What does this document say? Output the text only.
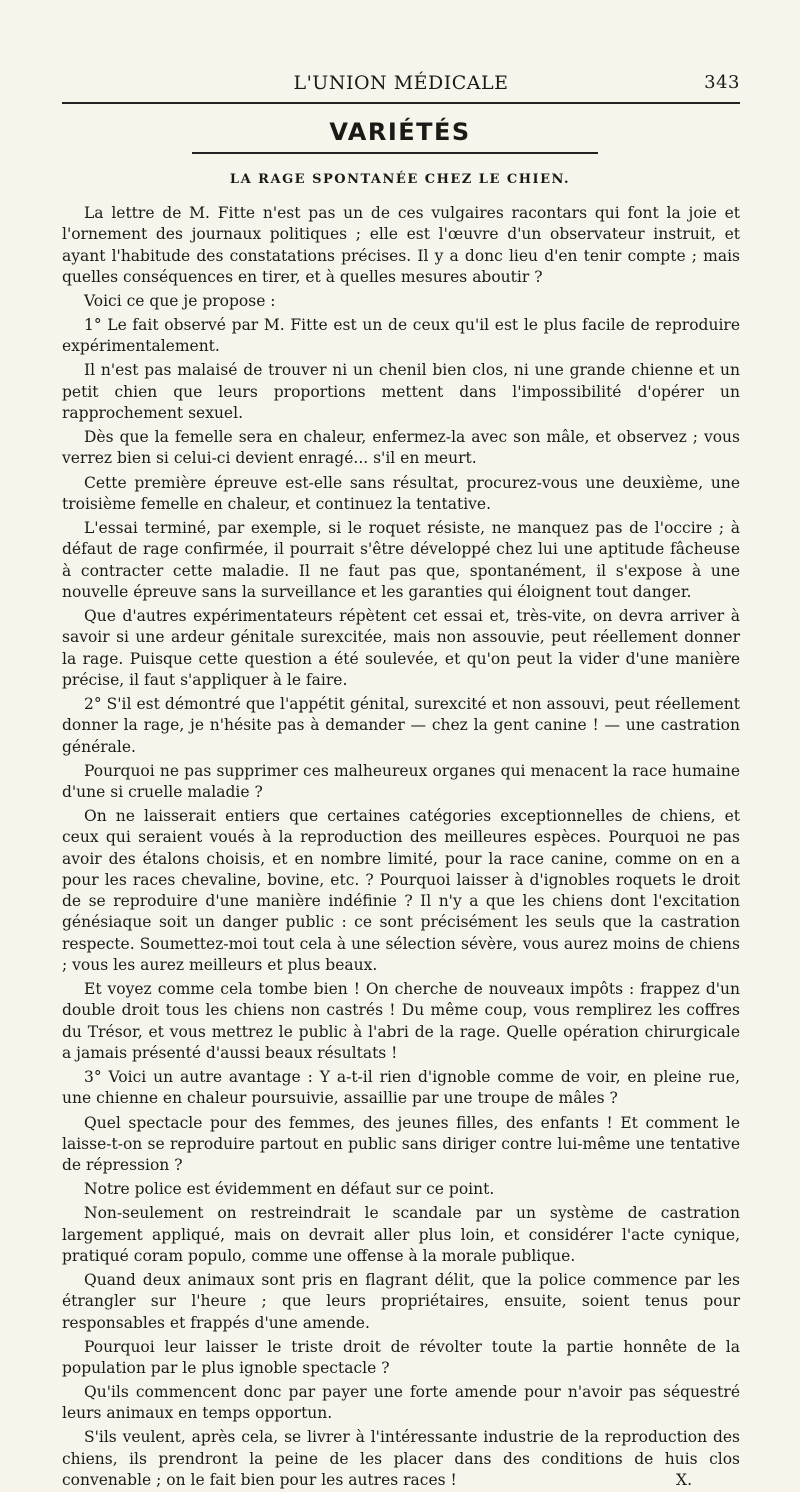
L'UNION MÉDICALE	343
VARIÉTÉS
LA RAGE SPONTANÉE CHEZ LE CHIEN.

La lettre de M. Fitte n'est pas un de ces vulgaires racontars qui font la joie et l'ornement des journaux politiques ; elle est l'œuvre d'un observateur instruit, et ayant l'habitude des constatations précises. Il y a donc lieu d'en tenir compte ; mais quelles conséquences en tirer, et à quelles mesures aboutir ?

Voici ce que je propose :

1° Le fait observé par M. Fitte est un de ceux qu'il est le plus facile de reproduire expérimentalement.

Il n'est pas malaisé de trouver ni un chenil bien clos, ni une grande chienne et un petit chien que leurs proportions mettent dans l'impossibilité d'opérer un rapprochement sexuel.

Dès que la femelle sera en chaleur, enfermez-la avec son mâle, et observez ; vous verrez bien si celui-ci devient enragé... s'il en meurt.

Cette première épreuve est-elle sans résultat, procurez-vous une deuxième, une troisième femelle en chaleur, et continuez la tentative.

L'essai terminé, par exemple, si le roquet résiste, ne manquez pas de l'occire ; à défaut de rage confirmée, il pourrait s'être développé chez lui une aptitude fâcheuse à contracter cette maladie. Il ne faut pas que, spontanément, il s'expose à une nouvelle épreuve sans la surveillance et les garanties qui éloignent tout danger.

Que d'autres expérimentateurs répètent cet essai et, très-vite, on devra arriver à savoir si une ardeur génitale surexcitée, mais non assouvie, peut réellement donner la rage. Puisque cette question a été soulevée, et qu'on peut la vider d'une manière précise, il faut s'appliquer à le faire.

2° S'il est démontré que l'appétit génital, surexcité et non assouvi, peut réellement donner la rage, je n'hésite pas à demander — chez la gent canine ! — une castration générale.

Pourquoi ne pas supprimer ces malheureux organes qui menacent la race humaine d'une si cruelle maladie ?

On ne laisserait entiers que certaines catégories exceptionnelles de chiens, et ceux qui seraient voués à la reproduction des meilleures espèces. Pourquoi ne pas avoir des étalons choisis, et en nombre limité, pour la race canine, comme on en a pour les races chevaline, bovine, etc. ? Pourquoi laisser à d'ignobles roquets le droit de se reproduire d'une manière indéfinie ? Il n'y a que les chiens dont l'excitation génésiaque soit un danger public : ce sont précisément les seuls que la castration respecte. Soumettez-moi tout cela à une sélection sévère, vous aurez moins de chiens ; vous les aurez meilleurs et plus beaux.

Et voyez comme cela tombe bien ! On cherche de nouveaux impôts : frappez d'un double droit tous les chiens non castrés ! Du même coup, vous remplirez les coffres du Trésor, et vous mettrez le public à l'abri de la rage. Quelle opération chirurgicale a jamais présenté d'aussi beaux résultats !

3° Voici un autre avantage : Y a-t-il rien d'ignoble comme de voir, en pleine rue, une chienne en chaleur poursuivie, assaillie par une troupe de mâles ?

Quel spectacle pour des femmes, des jeunes filles, des enfants ! Et comment le laisse-t-on se reproduire partout en public sans diriger contre lui-même une tentative de répression ?

Notre police est évidemment en défaut sur ce point.

Non-seulement on restreindrait le scandale par un système de castration largement appliqué, mais on devrait aller plus loin, et considérer l'acte cynique, pratiqué coram populo, comme une offense à la morale publique.

Quand deux animaux sont pris en flagrant délit, que la police commence par les étrangler sur l'heure ; que leurs propriétaires, ensuite, soient tenus pour responsables et frappés d'une amende.

Pourquoi leur laisser le triste droit de révolter toute la partie honnête de la population par le plus ignoble spectacle ?

Qu'ils commencent donc par payer une forte amende pour n'avoir pas séquestré leurs animaux en temps opportun.

S'ils veulent, après cela, se livrer à l'intéressante industrie de la reproduction des chiens, ils prendront la peine de les placer dans des conditions de huis clos convenable ; on le fait bien pour les autres races !	X.
